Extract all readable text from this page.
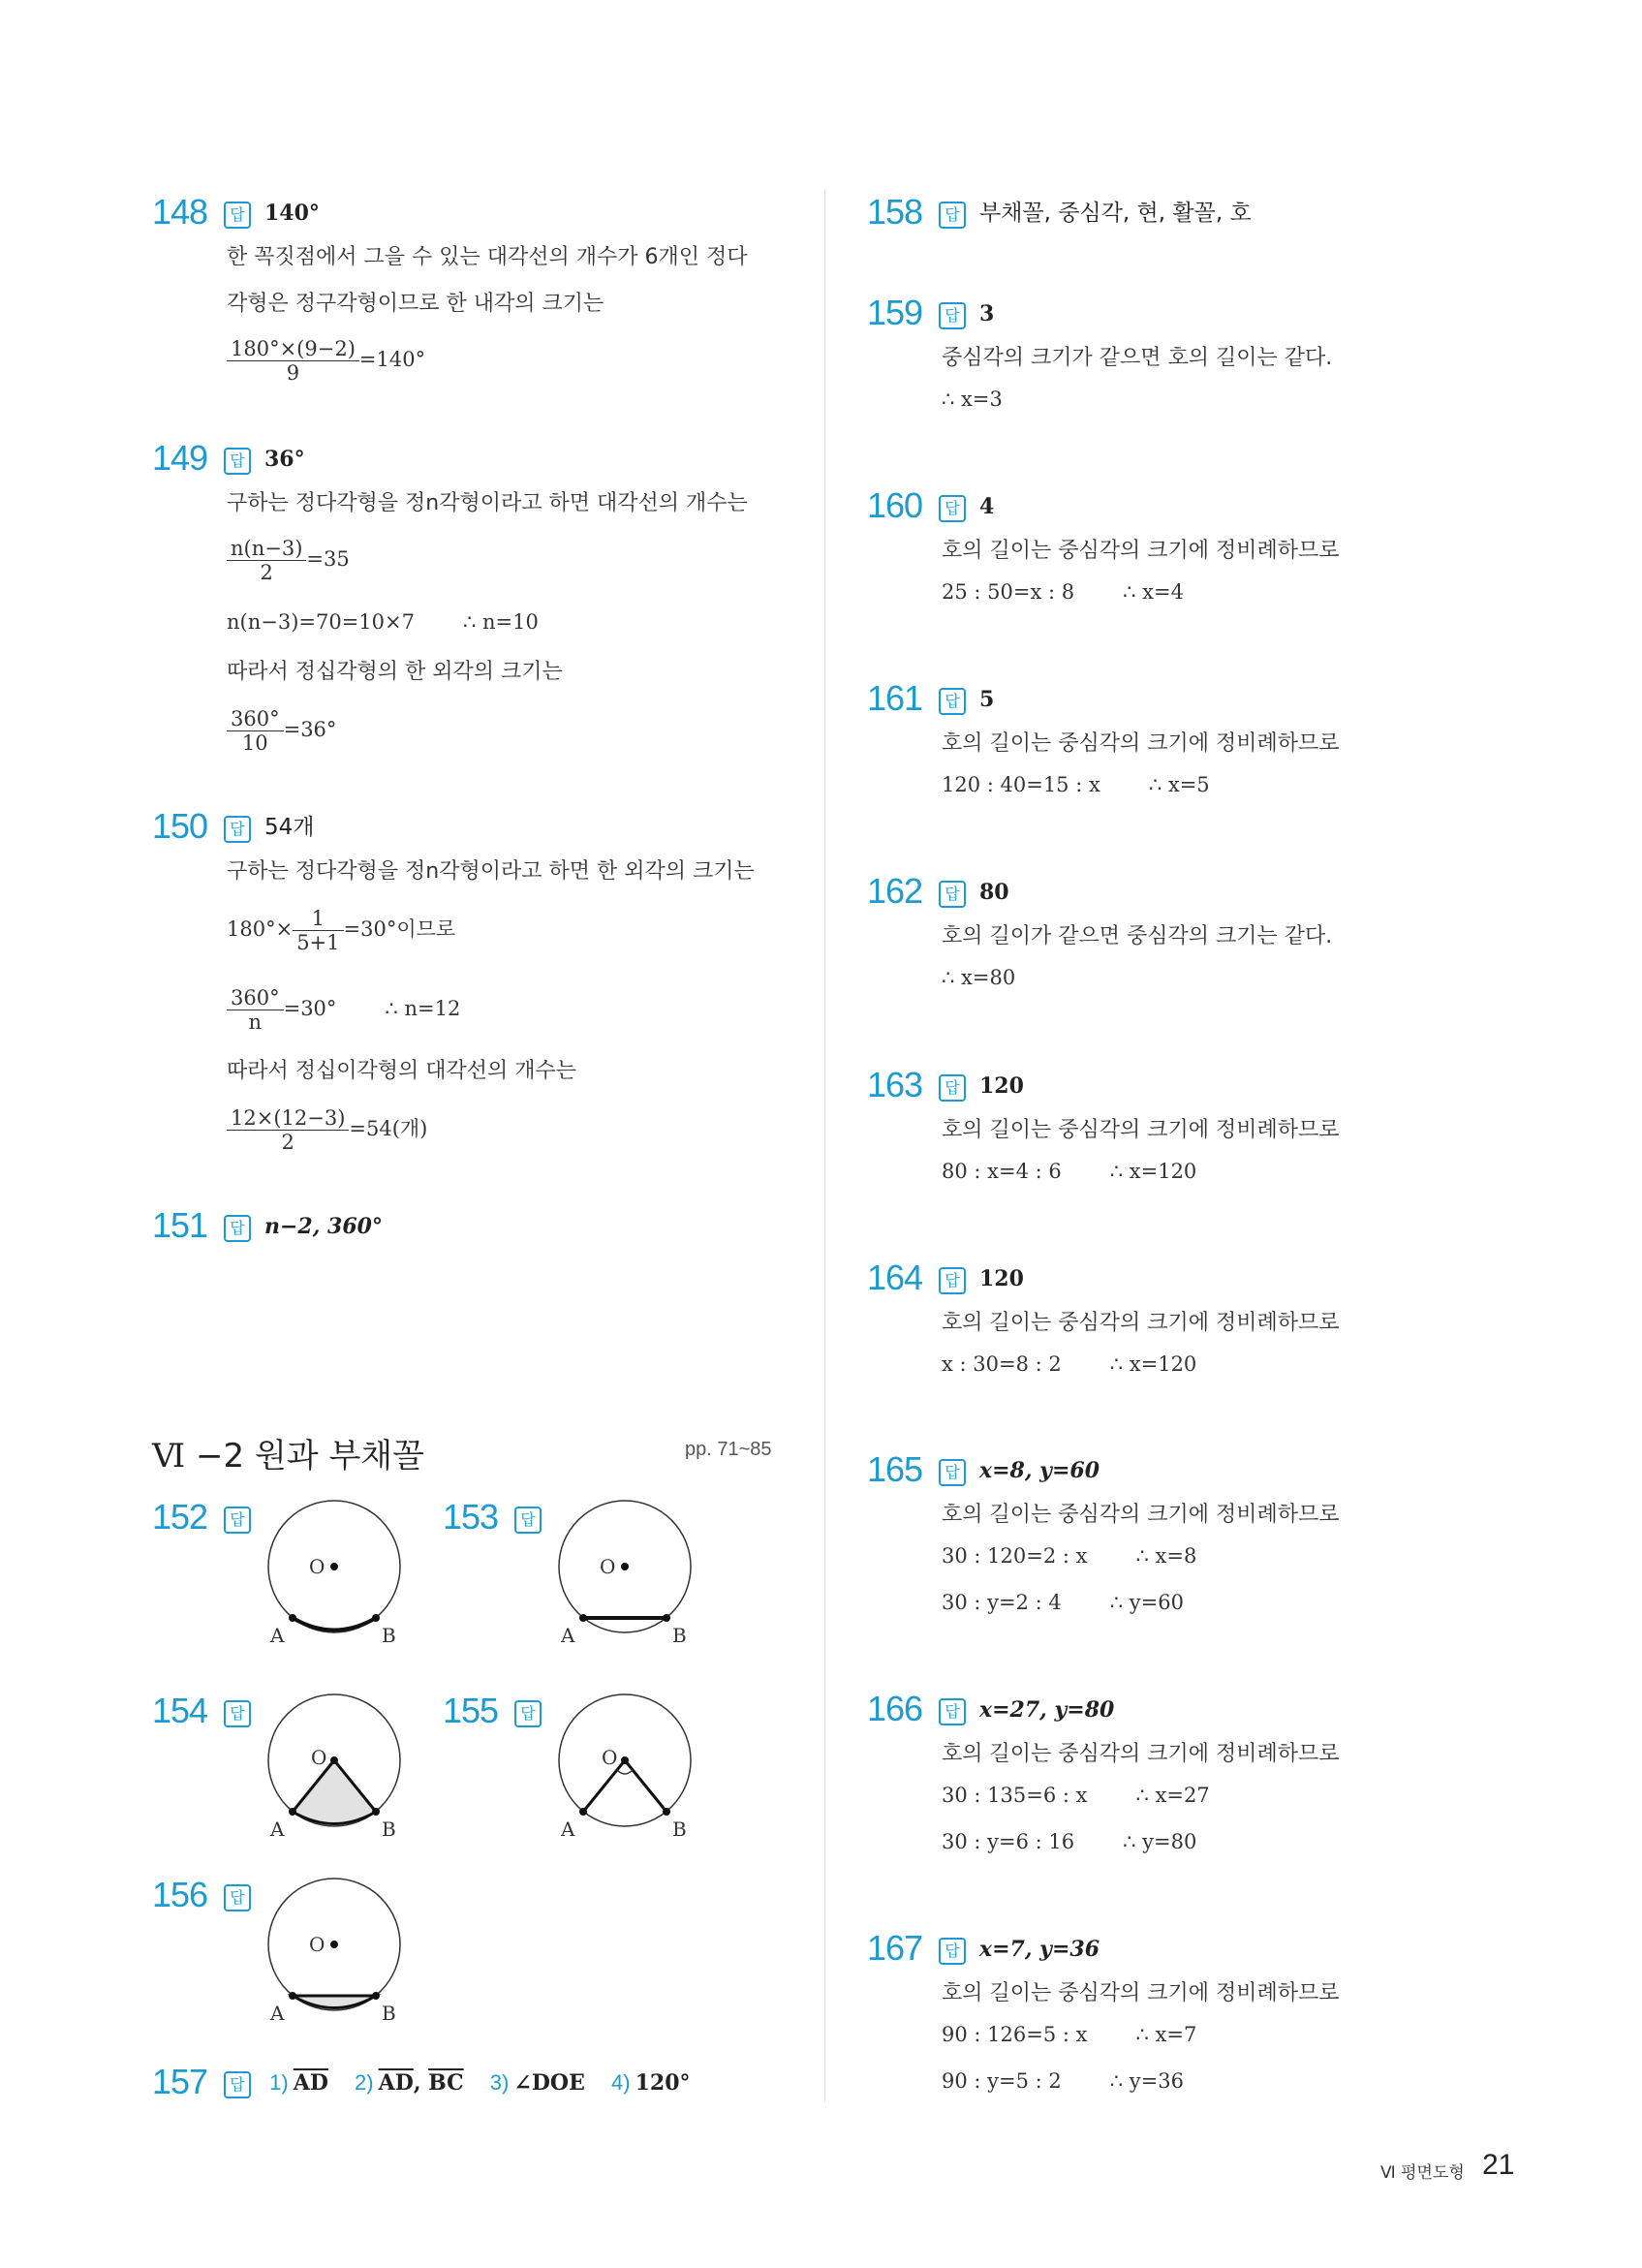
148 답 140°
한 꼭짓점에서 그을 수 있는 대각선의 개수가 6개인 정다
각형은 정구각형이므로 한 내각의 크기는
$\frac{180^\circ\times(9-2)}{9} =140^\circ$
149 답 36°
구하는 정다각형을 정n각형이라고 하면 대각선의 개수는
$\frac{n(n-3)}{2} =35$
n(n−3)=70=10×7 ∴ n=10
따라서 정십각형의 한 외각의 크기는
$\frac{360^\circ}{10} =36^\circ$
150 답 54개
구하는 정다각형을 정n각형이라고 하면 한 외각의 크기는
$180^\circ\times \frac{1}{5+1} =30^\circ$이므로
$\frac{360^\circ}{n} =30^\circ$ ∴ n=12
따라서 정십이각형의 대각선의 개수는
$\frac{12\times(12-3)}{2} =54$(개)
151 답 n−2, 360°
Ⅵ −2 원과 부채꼴	pp. 71~85
152 답
O
A	B
153 답
O
A	B
154 답
O
A	B
155 답
O
A	B
156 답
O
A	B
157 답 1) $\overline{AD}$ 2) $\overline{AD}$, $\overline{BC}$ 3) ∠DOE 4) 120°
158 답 부채꼴, 중심각, 현, 활꼴, 호
159 답 3
중심각의 크기가 같으면 호의 길이는 같다.
∴ x=3
160 답 4
호의 길이는 중심각의 크기에 정비례하므로
25 : 50=x : 8 ∴ x=4
161 답 5
호의 길이는 중심각의 크기에 정비례하므로
120 : 40=15 : x ∴ x=5
162 답 80
호의 길이가 같으면 중심각의 크기는 같다.
∴ x=80
163 답 120
호의 길이는 중심각의 크기에 정비례하므로
80 : x=4 : 6 ∴ x=120
164 답 120
호의 길이는 중심각의 크기에 정비례하므로
x : 30=8 : 2 ∴ x=120
165 답 x=8, y=60
호의 길이는 중심각의 크기에 정비례하므로
30 : 120=2 : x ∴ x=8
30 : y=2 : 4 ∴ y=60
166 답 x=27, y=80
호의 길이는 중심각의 크기에 정비례하므로
30 : 135=6 : x ∴ x=27
30 : y=6 : 16 ∴ y=80
167 답 x=7, y=36
호의 길이는 중심각의 크기에 정비례하므로
90 : 126=5 : x ∴ x=7
90 : y=5 : 2 ∴ y=36
Ⅵ 평면도형 21
